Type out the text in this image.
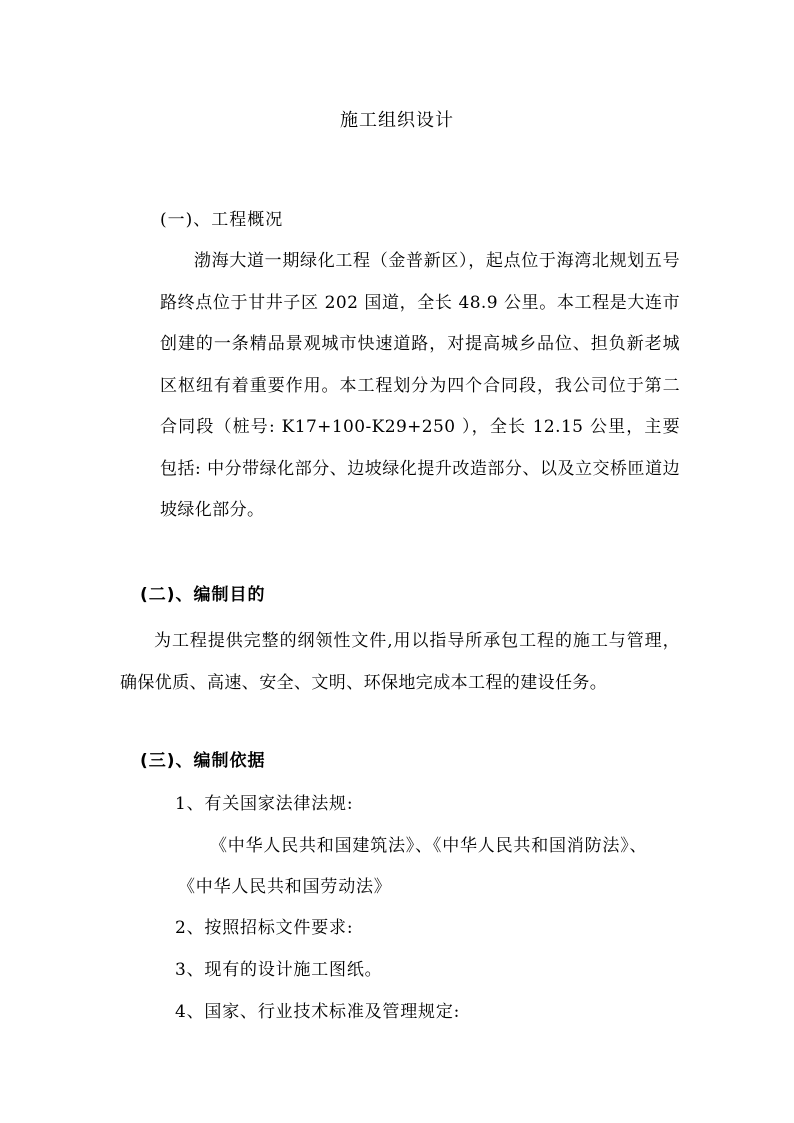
施工组织设计
(一)、工程概况
渤海大道一期绿化工程（金普新区），起点位于海湾北规划五号路终点位于甘井子区 202 国道，全长 48.9 公里。本工程是大连市创建的一条精品景观城市快速道路，对提高城乡品位、担负新老城区枢纽有着重要作用。本工程划分为四个合同段，我公司位于第二合同段（桩号: K17+100-K29+250 ），全长 12.15 公里，主要包括: 中分带绿化部分、边坡绿化提升改造部分、以及立交桥匝道边坡绿化部分。
(二)、编制目的
为工程提供完整的纲领性文件,用以指导所承包工程的施工与管理，确保优质、高速、安全、文明、环保地完成本工程的建设任务。
(三)、编制依据
1、有关国家法律法规:
《中华人民共和国建筑法》、《中华人民共和国消防法》、
《中华人民共和国劳动法》
2、按照招标文件要求:
3、现有的设计施工图纸。
4、国家、行业技术标准及管理规定:
